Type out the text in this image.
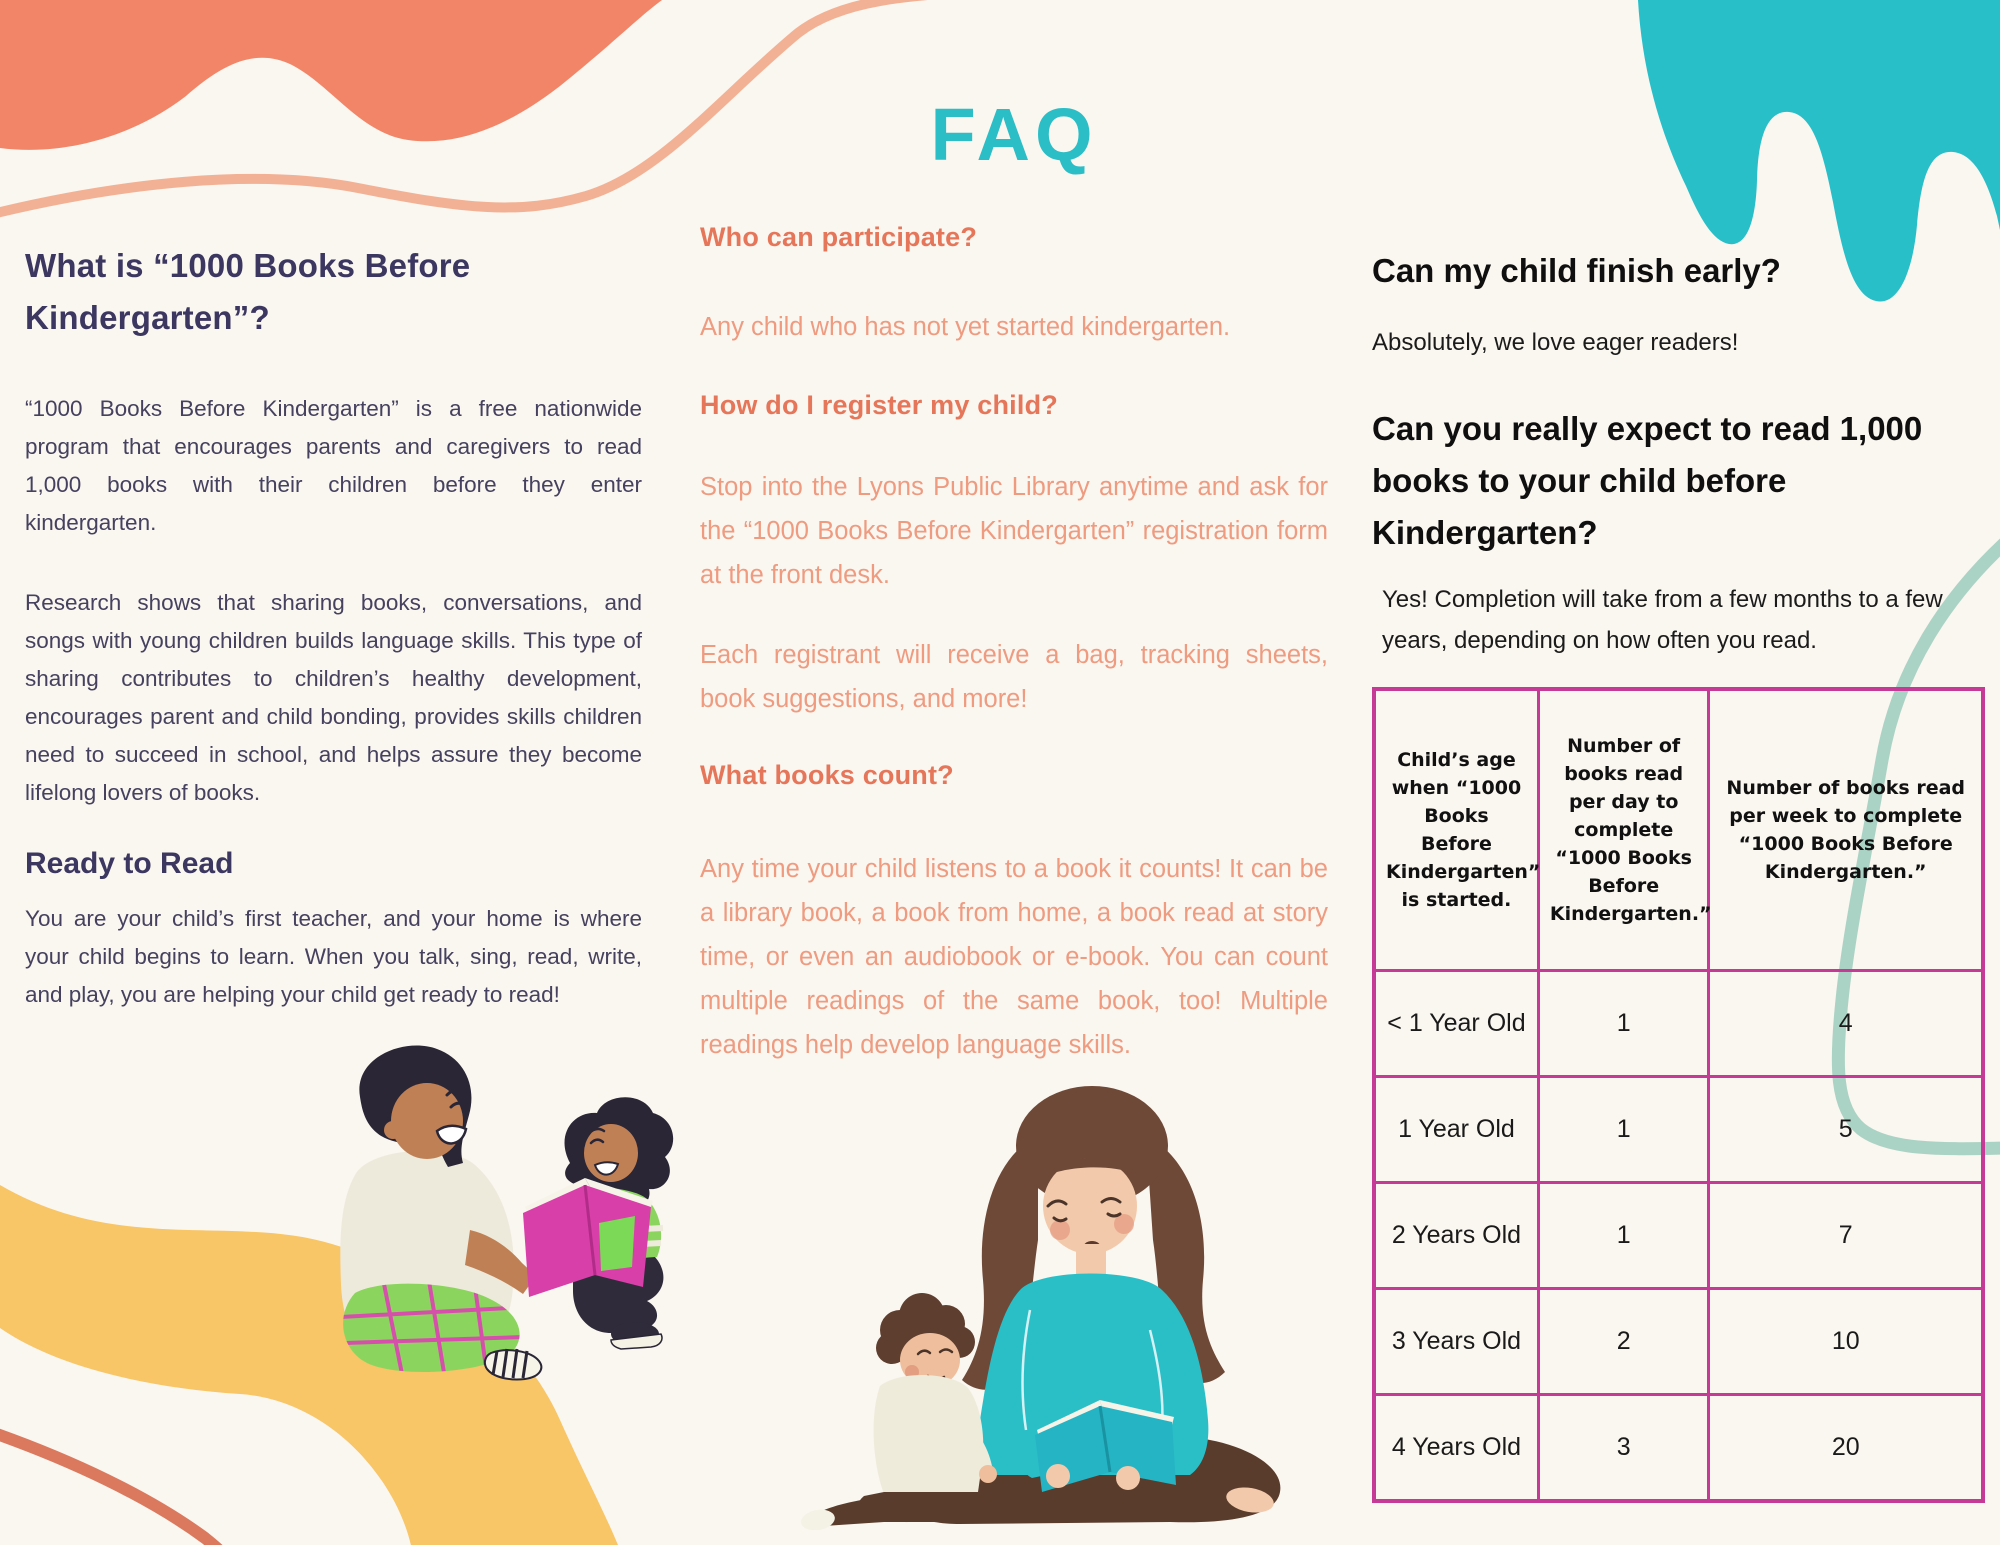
What is “1000 Books Before Kindergarten”?

“1000 Books Before Kindergarten” is a free nationwide program that encourages parents and caregivers to read 1,000 books with their children before they enter kindergarten.

Research shows that sharing books, conversations, and songs with young children builds language skills. This type of sharing contributes to children’s healthy development, encourages parent and child bonding, provides skills children need to succeed in school, and helps assure they become lifelong lovers of books.

Ready to Read

You are your child’s first teacher, and your home is where your child begins to learn. When you talk, sing, read, write, and play, you are helping your child get ready to read!

FAQ
Who can participate?

Any child who has not yet started kindergarten.

How do I register my child?

Stop into the Lyons Public Library anytime and ask for the “1000 Books Before Kindergarten” registration form at the front desk.

Each registrant will receive a bag, tracking sheets, book suggestions, and more!

What books count?

Any time your child listens to a book it counts! It can be a library book, a book from home, a book read at story time, or even an audiobook or e-book. You can count multiple readings of the same book, too! Multiple readings help develop language skills.

Can my child finish early?

Absolutely, we love eager readers!

Can you really expect to read 1,000 books to your child before Kindergarten?

Yes! Completion will take from a few months to a few years, depending on how often you read.

Child’s age when “1000 Books Before Kindergarten” is started.	Number of books read per day to complete “1000 Books Before Kindergarten.”	Number of books read per week to complete “1000 Books Before Kindergarten.”
< 1 Year Old	1	4
1 Year Old	1	5
2 Years Old	1	7
3 Years Old	2	10
4 Years Old	3	20
